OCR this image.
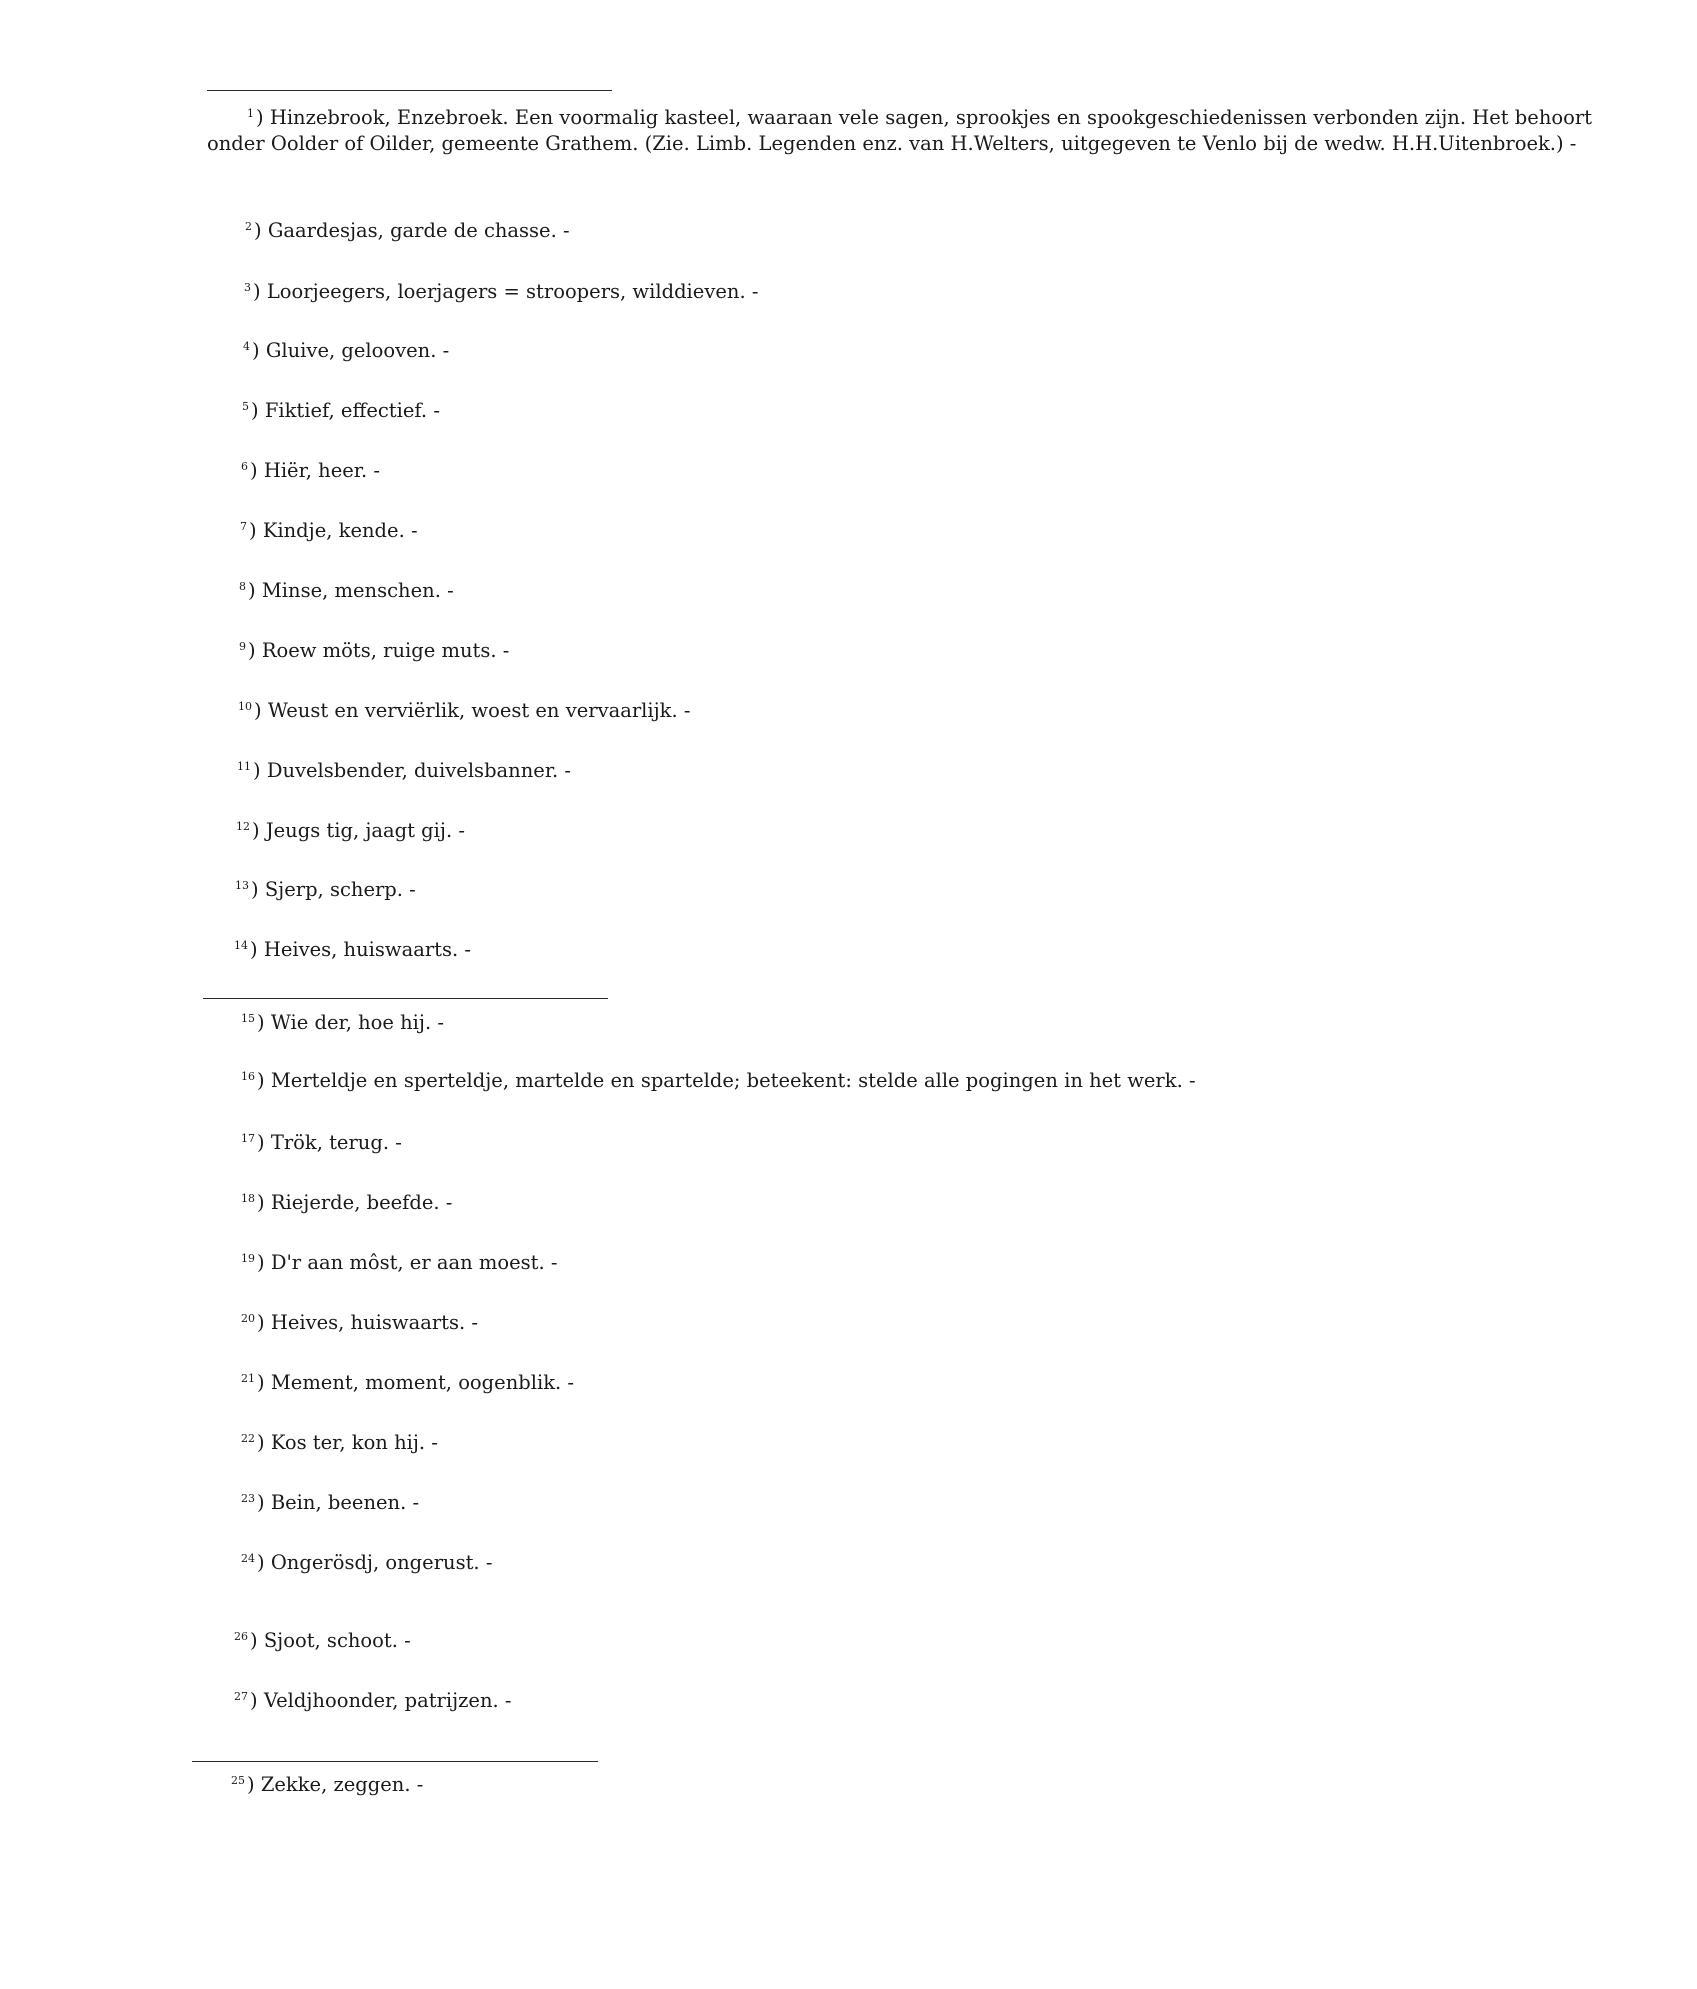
$^1$ ) Hinzebrook, Enzebroek. Een voormalig kasteel, waaraan vele sagen, sprookjes en spookgeschiedenissen verbonden zijn. Het behoort
onder Oolder of Oilder, gemeente Grathem. (Zie. Limb. Legenden enz. van H.Welters, uitgegeven te Venlo bij de wedw. H.H.Uitenbroek.) -
$^2$ ) Gaardesjas, garde de chasse. -
$^3$ ) Loorjeegers, loerjagers = stroopers, wilddieven. -
$^4$ ) Gluive, gelooven. -
$^5$ ) Fiktief, effectief. -
$^6$ ) Hiër, heer. -
$^7$ ) Kindje, kende. -
$^8$ ) Minse, menschen. -
$^9$ ) Roew möts, ruige muts. -
$^{10}$ ) Weust en verviërlik, woest en vervaarlijk. -
$^{11}$ ) Duvelsbender, duivelsbanner. -
$^{12}$ ) Jeugs tig, jaagt gij. -
$^{13}$ ) Sjerp, scherp. -
$^{14}$ ) Heives, huiswaarts. -
$^{15}$ ) Wie der, hoe hij. -
$^{16}$ ) Merteldje en sperteldje, martelde en spartelde; beteekent: stelde alle pogingen in het werk. -
$^{17}$ ) Trök, terug. -
$^{18}$ ) Riejerde, beefde. -
$^{19}$ ) D'r aan môst, er aan moest. -
$^{20}$ ) Heives, huiswaarts. -
$^{21}$ ) Mement, moment, oogenblik. -
$^{22}$ ) Kos ter, kon hij. -
$^{23}$ ) Bein, beenen. -
$^{24}$ ) Ongerösdj, ongerust. -
$^{26}$ ) Sjoot, schoot. -
$^{27}$ ) Veldjhoonder, patrijzen. -
$^{25}$ ) Zekke, zeggen. -
